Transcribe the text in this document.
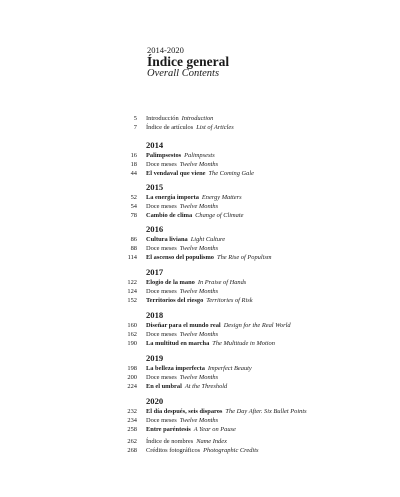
2014-2020
Índice general
Overall Contents
5 Introducción Introduction
7 Índice de artículos List of Articles
2014
16 Palimpsestos Palimpsests
18 Doce meses Twelve Months
44 El vendaval que viene The Coming Gale
2015
52 La energía importa Energy Matters
54 Doce meses Twelve Months
78 Cambio de clima Change of Climate
2016
86 Cultura liviana Light Culture
88 Doce meses Twelve Months
114 El ascenso del populismo The Rise of Populism
2017
122 Elogio de la mano In Praise of Hands
124 Doce meses Twelve Months
152 Territorios del riesgo Territories of Risk
2018
160 Diseñar para el mundo real Design for the Real World
162 Doce meses Twelve Months
190 La multitud en marcha The Multitude in Motion
2019
198 La belleza imperfecta Imperfect Beauty
200 Doce meses Twelve Months
224 En el umbral At the Threshold
2020
232 El día después, seis disparos The Day After. Six Bullet Points
234 Doce meses Twelve Months
258 Entre paréntesis A Year on Pause
262 Índice de nombres Name Index
268 Créditos fotográficos Photographic Credits
